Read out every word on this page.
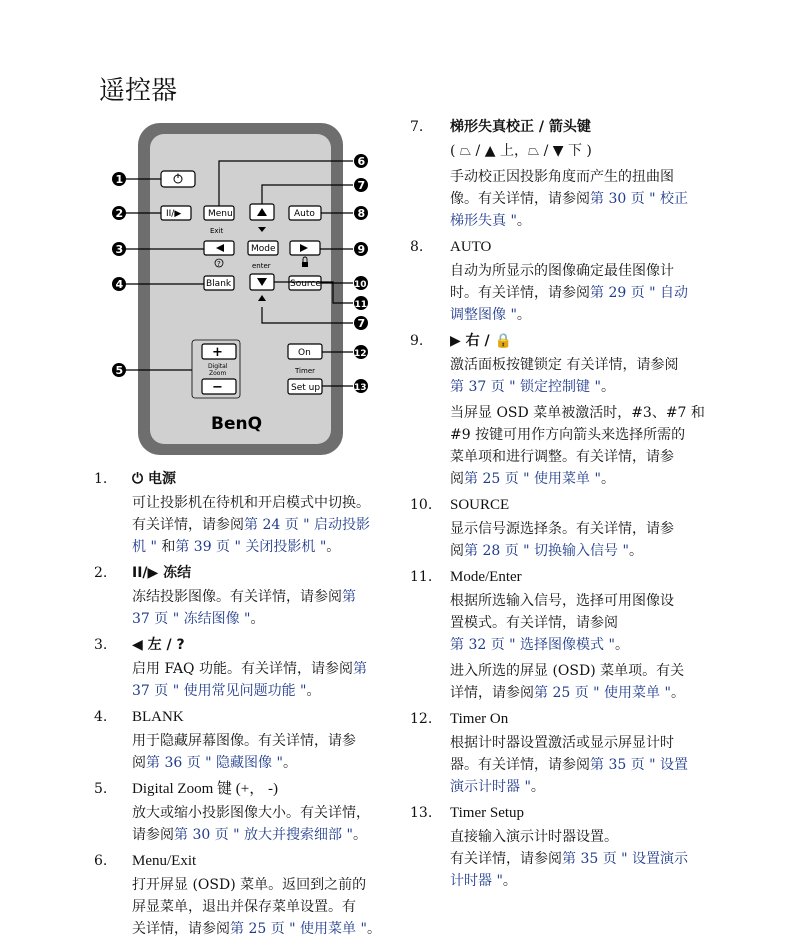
遥控器
II/▶	Menu
Exit
Auto
?
Mode
enter
Blank	Source
+
Digital
Zoom
−
On
Timer
Set up
BenQ
1
2
3
4
5
6
7
8
9
10
11
7
12
13
1. ⏻ 电源
可让投影机在待机和开启模式中切换。
有关详情，请参阅第 24 页 " 启动投影
机 " 和第 39 页 " 关闭投影机 "。
2. II/▶ 冻结
冻结投影图像。有关详情，请参阅第
37 页 " 冻结图像 "。
3. ◀ 左 / ?
启用 FAQ 功能。有关详情，请参阅第
37 页 " 使用常见问题功能 "。
4. BLANK
用于隐藏屏幕图像。有关详情，请参
阅第 36 页 " 隐藏图像 "。
5. Digital Zoom 键 (+， -)
放大或缩小投影图像大小。有关详情，
请参阅第 30 页 " 放大并搜索细部 "。
6. Menu/Exit
打开屏显 (OSD) 菜单。返回到之前的
屏显菜单，退出并保存菜单设置。有
关详情，请参阅第 25 页 " 使用菜单 "。
7. 梯形失真校正 / 箭头键
( ⏢ / ▲ 上，⏢ / ▼ 下 )
手动校正因投影角度而产生的扭曲图
像。有关详情，请参阅第 30 页 " 校正
梯形失真 "。
8. AUTO
自动为所显示的图像确定最佳图像计
时。有关详情，请参阅第 29 页 " 自动
调整图像 "。
9. ▶ 右 / 🔒
激活面板按键锁定 有关详情，请参阅
第 37 页 " 锁定控制键 "。
当屏显 OSD 菜单被激活时，#3、#7 和
#9 按键可用作方向箭头来选择所需的
菜单项和进行调整。有关详情，请参
阅第 25 页 " 使用菜单 "。
10. SOURCE
显示信号源选择条。有关详情，请参
阅第 28 页 " 切换输入信号 "。
11. Mode/Enter
根据所选输入信号，选择可用图像设
置模式。有关详情，请参阅
第 32 页 " 选择图像模式 "。
进入所选的屏显 (OSD) 菜单项。有关
详情，请参阅第 25 页 " 使用菜单 "。
12. Timer On
根据计时器设置激活或显示屏显计时
器。有关详情，请参阅第 35 页 " 设置
演示计时器 "。
13. Timer Setup
直接输入演示计时器设置。
有关详情，请参阅第 35 页 " 设置演示
计时器 "。
